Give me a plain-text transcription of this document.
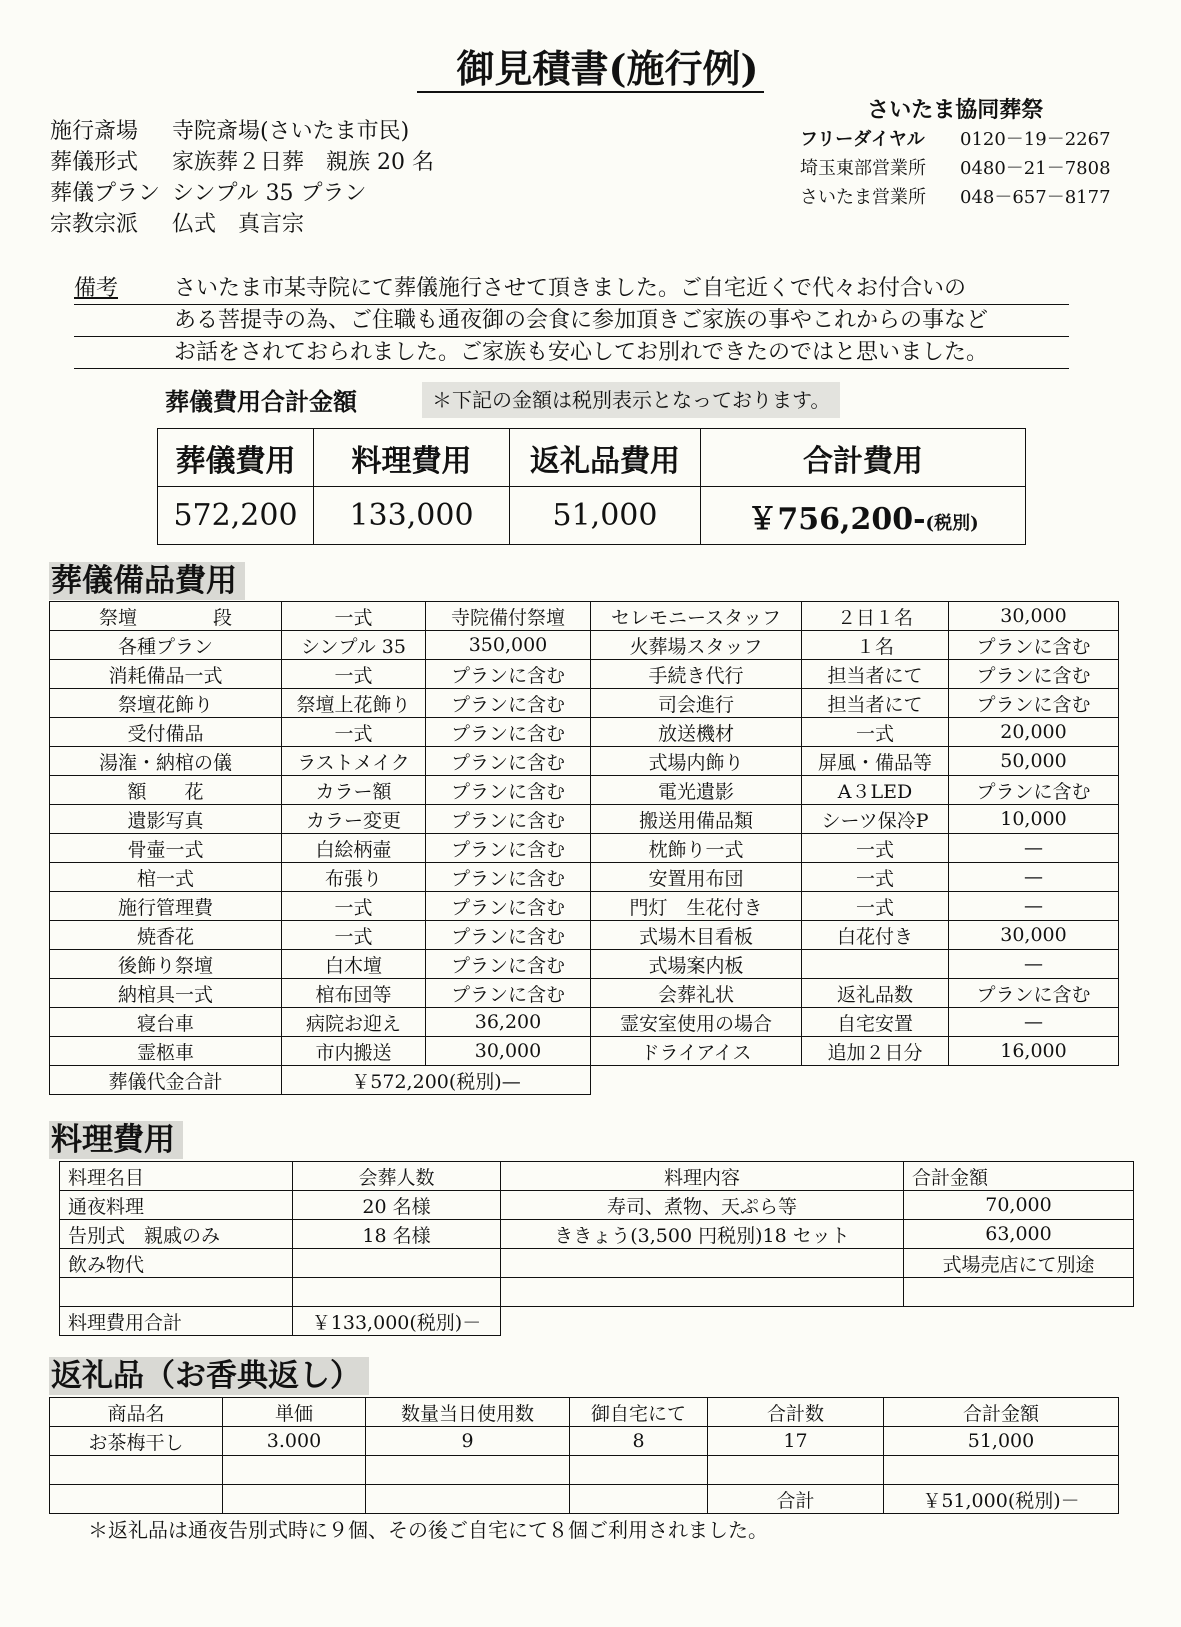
御見積書(施行例)
施行斎場 寺院斎場(さいたま市民)
葬儀形式 家族葬２日葬　親族 20 名
葬儀プラン シンプル 35 プラン
宗教宗派 仏式　真言宗
さいたま協同葬祭
フリーダイヤル 0120－19－2267
埼玉東部営業所 0480－21－7808
さいたま営業所 048－657－8177
備考	さいたま市某寺院にて葬儀施行させて頂きました。ご自宅近くで代々お付合いの
ある菩提寺の為、ご住職も通夜御の会食に参加頂きご家族の事やこれからの事など
お話をされておられました。ご家族も安心してお別れできたのではと思いました。
葬儀費用合計金額	＊下記の金額は税別表示となっております。
葬儀費用	料理費用	返礼品費用	合計費用
572,200	133,000	51,000	￥756,200-(税別)
葬儀備品費用
祭壇　　　　段	一式	寺院備付祭壇	セレモニースタッフ	２日１名	30,000
各種プラン	シンプル 35	350,000	火葬場スタッフ	１名	プランに含む
消耗備品一式	一式	プランに含む	手続き代行	担当者にて	プランに含む
祭壇花飾り	祭壇上花飾り	プランに含む	司会進行	担当者にて	プランに含む
受付備品	一式	プランに含む	放送機材	一式	20,000
湯潅・納棺の儀	ラストメイク	プランに含む	式場内飾り	屏風・備品等	50,000
額　　花	カラー額	プランに含む	電光遺影	A３LED	プランに含む
遺影写真	カラー変更	プランに含む	搬送用備品類	シーツ保冷P	10,000
骨壷一式	白絵柄壷	プランに含む	枕飾り一式	一式	—
棺一式	布張り	プランに含む	安置用布団	一式	—
施行管理費	一式	プランに含む	門灯　生花付き	一式	—
焼香花	一式	プランに含む	式場木目看板	白花付き	30,000
後飾り祭壇	白木壇	プランに含む	式場案内板		—
納棺具一式	棺布団等	プランに含む	会葬礼状	返礼品数	プランに含む
寝台車	病院お迎え	36,200	霊安室使用の場合	自宅安置	—
霊柩車	市内搬送	30,000	ドライアイス	追加２日分	16,000
葬儀代金合計	￥572,200(税別)—				
料理費用
料理名目	会葬人数	料理内容	合計金額
通夜料理	20 名様	寿司、煮物、天ぷら等	70,000
告別式　親戚のみ	18 名様	ききょう(3,500 円税別)18 セット	63,000
飲み物代			式場売店にて別途

料理費用合計	￥133,000(税別)－		
返礼品（お香典返し）
商品名	単価	数量当日使用数	御自宅にて	合計数	合計金額
お茶梅干し	3.000	9	8	17	51,000

				合計	￥51,000(税別)－
＊返礼品は通夜告別式時に９個、その後ご自宅にて８個ご利用されました。
